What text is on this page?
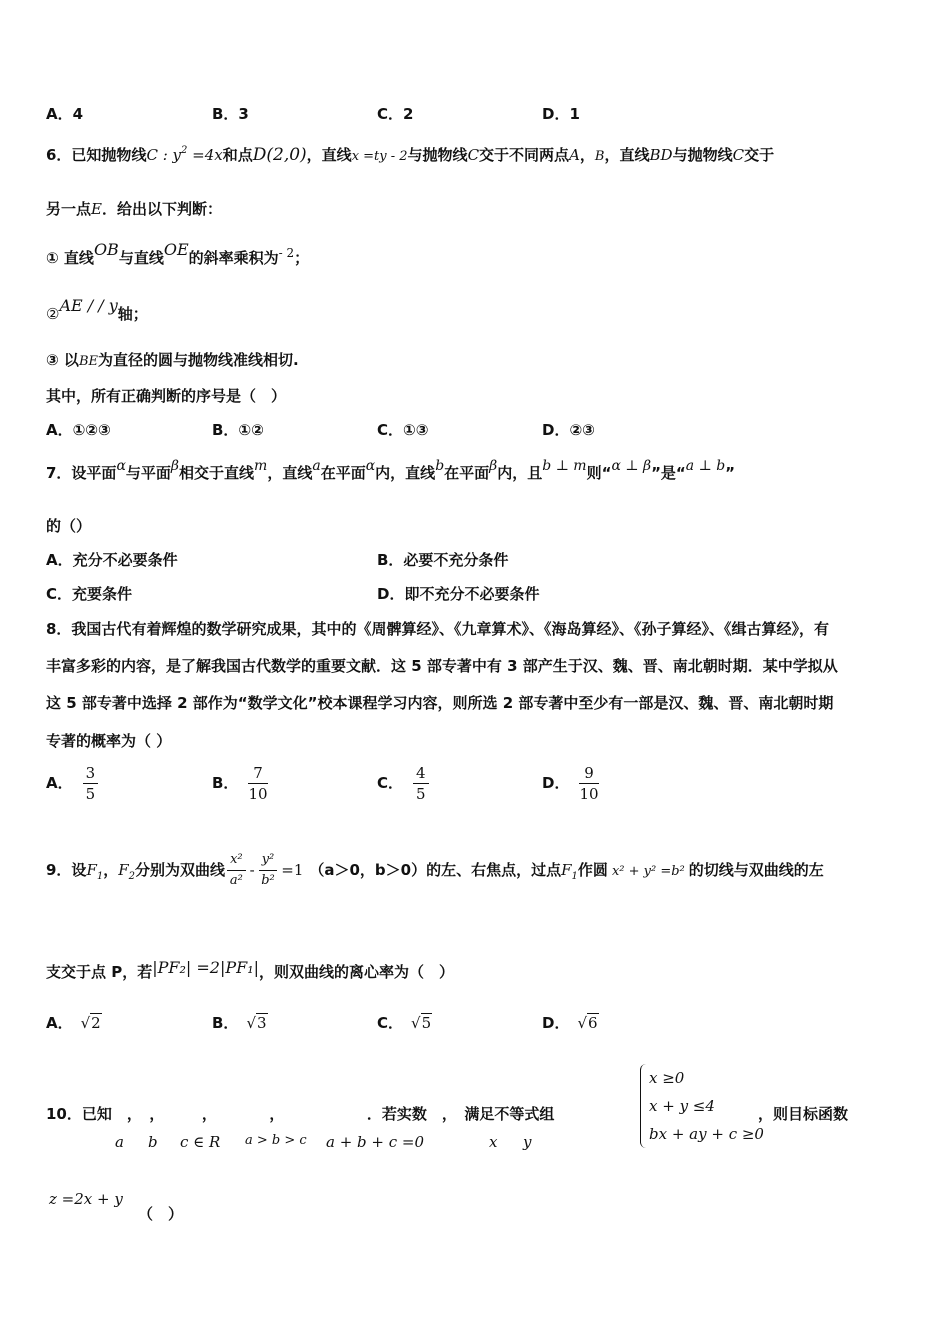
A．4	B．3	C．2	D．1
6．已知抛物线C : $y^2 =4x$和点D(2,0)，直线x =ty - 2与抛物线C交于不同两点A，B，直线BD与抛物线C交于
另一点E．给出以下判断：
① 直线OB与直线OE的斜率乘积为$^{- 2}$；
②AE / / y轴；
③ 以BE为直径的圆与抛物线准线相切.
其中，所有正确判断的序号是（　）
A．①②③	B．①②	C．①③	D．②③
7．设平面α与平面β相交于直线m，直线a在平面α内，直线b在平面β内，且b ⊥ m则“α ⊥ β”是“a ⊥ b”
的（）
A．充分不必要条件	B．必要不充分条件
C．充要条件	D．即不充分不必要条件
8．我国古代有着辉煌的数学研究成果，其中的《周髀算经》、《九章算术》、《海岛算经》、《孙子算经》、《缉古算经》，有
丰富多彩的内容，是了解我国古代数学的重要文献．这 5 部专著中有 3 部产生于汉、魏、晋、南北朝时期．某中学拟从
这 5 部专著中选择 2 部作为“数学文化”校本课程学习内容，则所选 2 部专著中至少有一部是汉、魏、晋、南北朝时期
专著的概率为（ ）
A． $\frac{3}{5}$	B． $\frac{7}{10}$	C． $\frac{4}{5}$	D． $\frac{9}{10}$
9．设$F_1$，$F_2$分别为双曲线 $\frac{\text{x²}}{\text{a²}} - \frac{\text{y²}}{\text{b²}} =1$ （a＞0，b＞0）的左、右焦点，过点$F_1$作圆 x² + y² =b² 的切线与双曲线的左
支交于点 P，若|PF₂| =2|PF₁|，则双曲线的离心率为（　）
A． √2	B． √3	C． √5	D． √6
10．已知　，　，　　　，　　　　，　　　　　　．若实数　，　满足不等式组	，则目标函数
a b c ∈ R a > b > c a + b + c =0	x y
x ≥0
x + y ≤4
bx + ay + c ≥0
z =2x + y
（　）
